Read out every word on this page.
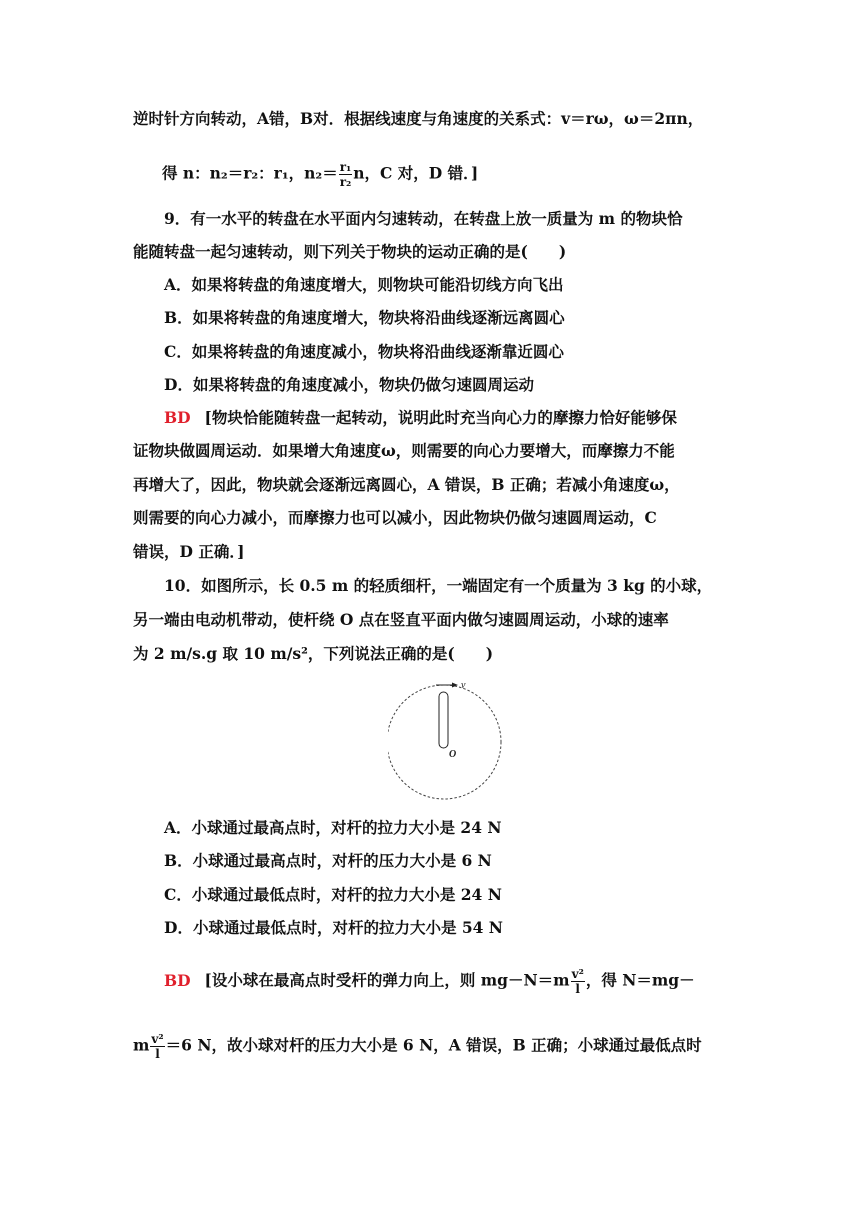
逆时针方向转动，A错，B对．根据线速度与角速度的关系式：v＝rω，ω＝2πn，
得 n：n₂＝r₂：r₁，$n_2= \frac{\text{r₁}}{\text{r₂}}$ n，C 对，D 错．]
9．有一水平的转盘在水平面内匀速转动，在转盘上放一质量为 m 的物块恰
能随转盘一起匀速转动，则下列关于物块的运动正确的是(　　)
A．如果将转盘的角速度增大，则物块可能沿切线方向飞出
B．如果将转盘的角速度增大，物块将沿曲线逐渐远离圆心
C．如果将转盘的角速度减小，物块将沿曲线逐渐靠近圆心
D．如果将转盘的角速度减小，物块仍做匀速圆周运动
BD [物块恰能随转盘一起转动，说明此时充当向心力的摩擦力恰好能够保
证物块做圆周运动．如果增大角速度ω，则需要的向心力要增大，而摩擦力不能
再增大了，因此，物块就会逐渐远离圆心，A 错误，B 正确；若减小角速度ω，
则需要的向心力减小，而摩擦力也可以减小，因此物块仍做匀速圆周运动，C
错误，D 正确．]
10．如图所示，长 0.5 m 的轻质细杆，一端固定有一个质量为 3 kg 的小球，
另一端由电动机带动，使杆绕 O 点在竖直平面内做匀速圆周运动，小球的速率
为 2 m/s.g 取 10 m/s²，下列说法正确的是(　　)
v
O
A．小球通过最高点时，对杆的拉力大小是 24 N
B．小球通过最高点时，对杆的压力大小是 6 N
C．小球通过最低点时，对杆的拉力大小是 24 N
D．小球通过最低点时，对杆的拉力大小是 54 N
BD [设小球在最高点时受杆的弹力向上，则 $mg-N=m \frac{\text{v²}}{l}$ ，得 N＝mg－
m $\frac{\text{v²}}{l} =6$ N，故小球对杆的压力大小是 6 N，A 错误，B 正确；小球通过最低点时
